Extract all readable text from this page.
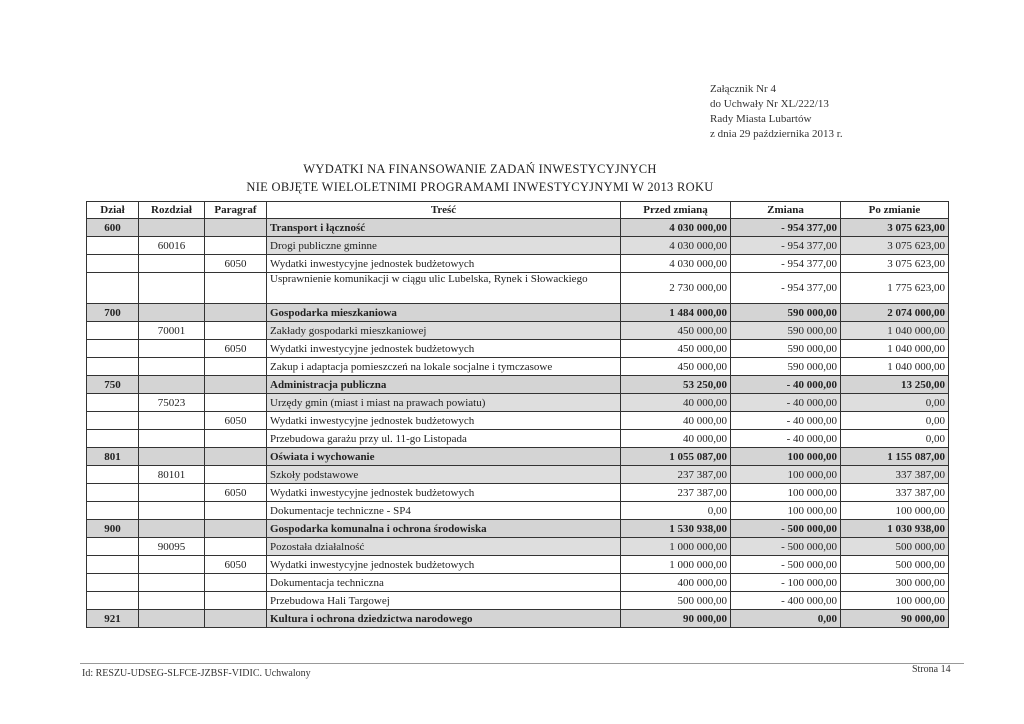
Załącznik Nr 4
do Uchwały Nr XL/222/13
Rady Miasta Lubartów
z dnia 29 października 2013 r.
WYDATKI NA FINANSOWANIE ZADAŃ INWESTYCYJNYCH
NIE OBJĘTE WIELOLETNIMI PROGRAMAMI INWESTYCYJNYMI W 2013 ROKU
Dział	Rozdział	Paragraf	Treść	Przed zmianą	Zmiana	Po zmianie
600			Transport i łączność	4 030 000,00	- 954 377,00	3 075 623,00
	60016		Drogi publiczne gminne	4 030 000,00	- 954 377,00	3 075 623,00
		6050	Wydatki inwestycyjne jednostek budżetowych	4 030 000,00	- 954 377,00	3 075 623,00
			Usprawnienie komunikacji w ciągu ulic Lubelska, Rynek i Słowackiego	2 730 000,00	- 954 377,00	1 775 623,00
700			Gospodarka mieszkaniowa	1 484 000,00	590 000,00	2 074 000,00
	70001		Zakłady gospodarki mieszkaniowej	450 000,00	590 000,00	1 040 000,00
		6050	Wydatki inwestycyjne jednostek budżetowych	450 000,00	590 000,00	1 040 000,00
			Zakup i adaptacja pomieszczeń na lokale socjalne i tymczasowe	450 000,00	590 000,00	1 040 000,00
750			Administracja publiczna	53 250,00	- 40 000,00	13 250,00
	75023		Urzędy gmin (miast i miast na prawach powiatu)	40 000,00	- 40 000,00	0,00
		6050	Wydatki inwestycyjne jednostek budżetowych	40 000,00	- 40 000,00	0,00
			Przebudowa garażu przy ul. 11-go Listopada	40 000,00	- 40 000,00	0,00
801			Oświata i wychowanie	1 055 087,00	100 000,00	1 155 087,00
	80101		Szkoły podstawowe	237 387,00	100 000,00	337 387,00
		6050	Wydatki inwestycyjne jednostek budżetowych	237 387,00	100 000,00	337 387,00
			Dokumentacje techniczne - SP4	0,00	100 000,00	100 000,00
900			Gospodarka komunalna i ochrona środowiska	1 530 938,00	- 500 000,00	1 030 938,00
	90095		Pozostała działalność	1 000 000,00	- 500 000,00	500 000,00
		6050	Wydatki inwestycyjne jednostek budżetowych	1 000 000,00	- 500 000,00	500 000,00
			Dokumentacja techniczna	400 000,00	- 100 000,00	300 000,00
			Przebudowa Hali Targowej	500 000,00	- 400 000,00	100 000,00
921			Kultura i ochrona dziedzictwa narodowego	90 000,00	0,00	90 000,00
Id: RESZU-UDSEG-SLFCE-JZBSF-VIDIC. Uchwalony	Strona 14
